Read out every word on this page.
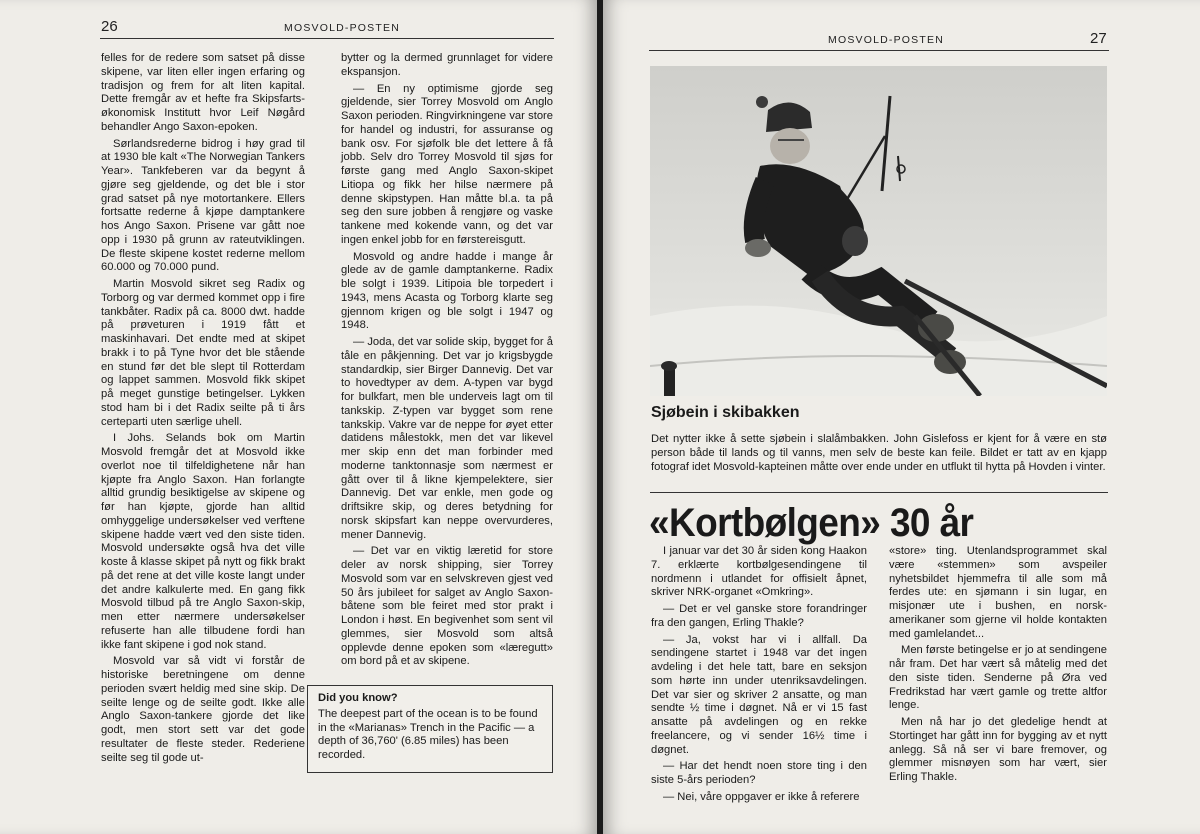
26	MOSVOLD-POSTEN

felles for de redere som satset på disse skipene, var liten eller ingen erfaring og tradisjon og frem for alt liten kapital. Dette fremgår av et hefte fra Skipsfarts-økonomisk Institutt hvor Leif Nøgård behandler Ango Saxon-epoken.

Sørlandsrederne bidrog i høy grad til at 1930 ble kalt «The Norwegian Tankers Year». Tankfeberen var da begynt å gjøre seg gjeldende, og det ble i stor grad satset på nye motortankere. Ellers fortsatte rederne å kjøpe damptankere hos Ango Saxon. Prisene var gått noe opp i 1930 på grunn av rateutviklingen. De fleste skipene kostet rederne mellom 60.000 og 70.000 pund.

Martin Mosvold sikret seg Radix og Torborg og var dermed kommet opp i fire tankbåter. Radix på ca. 8000 dwt. hadde på prøveturen i 1919 fått et maskinhavari. Det endte med at skipet brakk i to på Tyne hvor det ble stående en stund før det ble slept til Rotterdam og lappet sammen. Mosvold fikk skipet på meget gunstige betingelser. Lykken stod ham bi i det Radix seilte på ti års certeparti uten særlige uhell.

I Johs. Selands bok om Martin Mosvold fremgår det at Mosvold ikke overlot noe til tilfeldighetene når han kjøpte fra Anglo Saxon. Han forlangte alltid grundig besiktigelse av skipene og før han kjøpte, gjorde han alltid omhyggelige undersøkelser ved verftene skipene hadde vært ved den siste tiden. Mosvold undersøkte også hva det ville koste å klasse skipet på nytt og fikk brakt på det rene at det ville koste langt under det andre kalkulerte med. En gang fikk Mosvold tilbud på tre Anglo Saxon-skip, men etter nærmere undersøkelser refuserte han alle tilbudene fordi han ikke fant skipene i god nok stand.

Mosvold var så vidt vi forstår de historiske beretningene om denne perioden svært heldig med sine skip. De seilte lenge og de seilte godt. Ikke alle Anglo Saxon-tankere gjorde det like godt, men stort sett var det gode resultater de fleste steder. Rederiene seilte seg til gode ut-

bytter og la dermed grunnlaget for videre ekspansjon.

— En ny optimisme gjorde seg gjeldende, sier Torrey Mosvold om Anglo Saxon perioden. Ringvirkningene var store for handel og industri, for assuranse og bank osv. For sjøfolk ble det lettere å få jobb. Selv dro Torrey Mosvold til sjøs for første gang med Anglo Saxon-skipet Litiopa og fikk her hilse nærmere på denne skipstypen. Han måtte bl.a. ta på seg den sure jobben å rengjøre og vaske tankene med kokende vann, og det var ingen enkel jobb for en førstereisgutt.

Mosvold og andre hadde i mange år glede av de gamle damptankerne. Radix ble solgt i 1939. Litipoia ble torpedert i 1943, mens Acasta og Torborg klarte seg gjennom krigen og ble solgt i 1947 og 1948.

— Joda, det var solide skip, bygget for å tåle en påkjenning. Det var jo krigsbygde standardkip, sier Birger Dannevig. Det var to hovedtyper av dem. A-typen var bygd for bulkfart, men ble underveis lagt om til tankskip. Z-typen var bygget som rene tankskip. Vakre var de neppe for øyet etter datidens målestokk, men det var likevel mer skip enn det man forbinder med moderne tanktonnasje som nærmest er gått over til å likne kjempelektere, sier Dannevig. Det var enkle, men gode og driftsikre skip, og deres betydning for norsk skipsfart kan neppe overvurderes, mener Dannevig.

— Det var en viktig læretid for store deler av norsk shipping, sier Torrey Mosvold som var en selvskreven gjest ved 50 års jubileet for salget av Anglo Saxon-båtene som ble feiret med stor prakt i London i høst. En begivenhet som sent vil glemmes, sier Mosvold som altså opplevde denne epoken som «læregutt» om bord på et av skipene.

Did you know?
The deepest part of the ocean is to be found in the «Marianas» Trench in the Pacific — a depth of 36,760' (6.85 miles) has been recorded.
MOSVOLD-POSTEN	27
Sjøbein i skibakken
Det nytter ikke å sette sjøbein i slalåmbakken. John Gislefoss er kjent for å være en stø person både til lands og til vanns, men selv de beste kan feile. Bildet er tatt av en kjapp fotograf idet Mosvold-kapteinen måtte over ende under en utflukt til hytta på Hovden i vinter.
«Kortbølgen» 30 år

I januar var det 30 år siden kong Haakon 7. erklærte kortbølgesendingene til nordmenn i utlandet for offisielt åpnet, skriver NRK-organet «Omkring».

— Det er vel ganske store forandringer fra den gangen, Erling Thakle?

— Ja, vokst har vi i allfall. Da sendingene startet i 1948 var det ingen avdeling i det hele tatt, bare en seksjon som hørte inn under utenriksavdelingen. Det var sier og skriver 2 ansatte, og man sendte ½ time i døgnet. Nå er vi 15 fast ansatte på avdelingen og en rekke freelancere, og vi sender 16½ time i døgnet.

— Har det hendt noen store ting i den siste 5-års perioden?

— Nei, våre oppgaver er ikke å referere

«store» ting. Utenlandsprogrammet skal være «stemmen» som avspeiler nyhetsbildet hjemmefra til alle som må ferdes ute: en sjømann i sin lugar, en misjonær ute i bushen, en norsk-amerikaner som gjerne vil holde kontakten med gamlelandet...

Men første betingelse er jo at sendingene når fram. Det har vært så måtelig med det den siste tiden. Senderne på Øra ved Fredrikstad har vært gamle og trette altfor lenge.

Men nå har jo det gledelige hendt at Stortinget har gått inn for bygging av et nytt anlegg. Så nå ser vi bare fremover, og glemmer misnøyen som har vært, sier Erling Thakle.
